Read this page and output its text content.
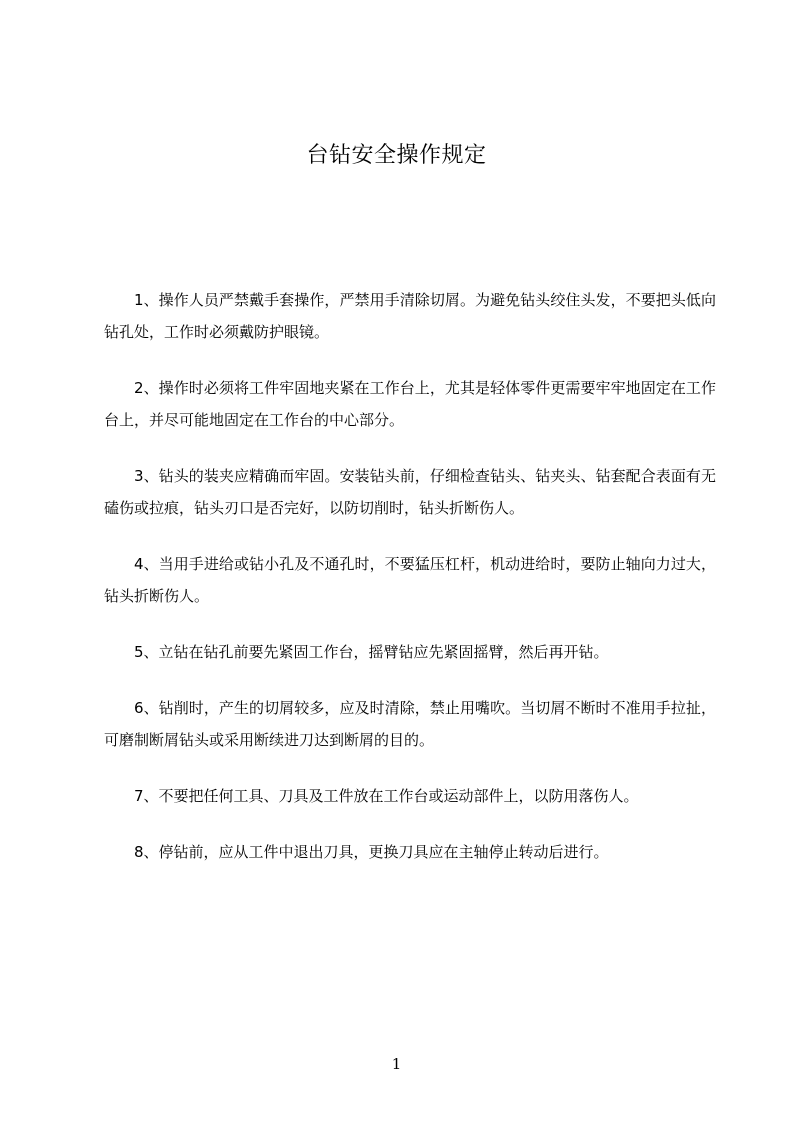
台钻安全操作规定

1、操作人员严禁戴手套操作，严禁用手清除切屑。为避免钻头绞住头发，不要把头低向钻孔处，工作时必须戴防护眼镜。

2、操作时必须将工件牢固地夹紧在工作台上，尤其是轻体零件更需要牢牢地固定在工作台上，并尽可能地固定在工作台的中心部分。

3、钻头的装夹应精确而牢固。安装钻头前，仔细检查钻头、钻夹头、钻套配合表面有无磕伤或拉痕，钻头刃口是否完好，以防切削时，钻头折断伤人。

4、当用手进给或钻小孔及不通孔时，不要猛压杠杆，机动进给时，要防止轴向力过大，钻头折断伤人。

5、立钻在钻孔前要先紧固工作台，摇臂钻应先紧固摇臂，然后再开钻。

6、钻削时，产生的切屑较多，应及时清除，禁止用嘴吹。当切屑不断时不准用手拉扯，可磨制断屑钻头或采用断续进刀达到断屑的目的。

7、不要把任何工具、刀具及工件放在工作台或运动部件上，以防用落伤人。

8、停钻前，应从工件中退出刀具，更换刀具应在主轴停止转动后进行。

1
